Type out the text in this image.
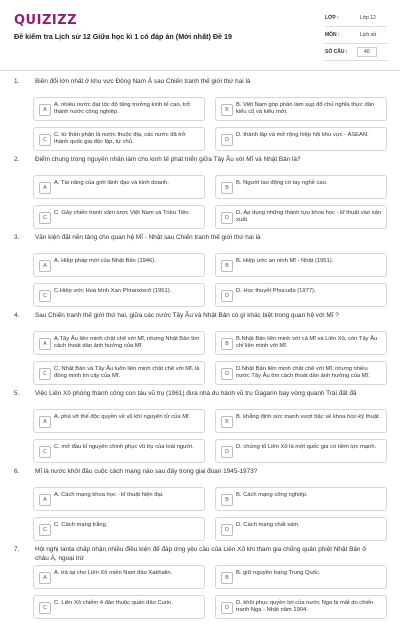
QUIZIZZ
Đề kiểm tra Lịch sử 12 Giữa học kì 1 có đáp án (Mới nhất) Đề 19
LỚP :	Lớp 12
MÔN :	Lịch sử
SỐ CÂU :	40
1. Biến đổi lớn nhất ở khu vực Đông Nam Á sau Chiến tranh thế giới thứ hai là
A
A. nhiều nước đạt tốc độ tăng trưởng kinh tế cao, trở thành nước công nghiệp.	B
B. Việt Nam góp phần làm sụp đổ chủ nghĩa thực dân kiểu cũ và kiểu mới.
C
C. từ thân phận là nước thuộc địa, các nước đã trở thành quốc gia độc lập, tự chủ.	D
D. thành lập và mở rộng hiệp hội khu vực - ASEAN.
2. Điểm chung trong nguyên nhân làm cho kinh tế phát triển giữa Tây Âu với Mĩ và Nhật Bản là?
A
A. Tài năng của giới lãnh đạo và kinh doanh.
B
B. Người lao động có tay nghề cao.
C
C. Gây chiến tranh xâm lược Việt Nam và Triều Tiên.
D
D. Áp dụng những thành tựu khoa học - kĩ thuật vào sản xuất.
3. Văn kiện đặt nền tảng cho quan hệ Mĩ - Nhật sau Chiến tranh thế giới thứ hai là
A
A. Hiệp pháp mới của Nhật Bản (1946).
B
B. Hiệp ước an ninh Mĩ - Nhật (1951).
C
C.Hiệp ước Hoà bình Xan Phranxixcô (1951).
D
D. Học thuyết Phucuđa (1977).
4. Sau Chiến tranh thế giới thứ hai, giữa các nước Tây Âu và Nhật Bản có gì khác biệt trong quan hệ với Mĩ ?
A
A.Tây Âu liên minh chặt chẽ với Mĩ, nhưng Nhật Bản tìm cách thoát dần ảnh hưởng của Mĩ.	B
B.Nhật Bản liên minh với cả Mĩ và Liên Xô, còn Tây Âu chỉ liên minh với Mĩ.
C
C. Nhật Bản và Tây Âu luôn liên minh chặt chẽ với Mĩ, là đồng minh tin cậy của Mĩ.	D
D.Nhật Bản liên minh chặt chẽ với Mĩ, nhưng nhiều nước Tây Âu tìm cách thoát dần ảnh hưởng của Mĩ.
5. Việc Liên Xô phóng thành công con tàu vũ trụ (1961) đưa nhà du hành vũ trụ Gagarin bay vòng quanh Trái đất đã
A
A. phá vỡ thế độc quyền về vũ khí nguyên tử của Mĩ.
B
B. khẳng định sức mạnh vượt bậc về khoa học-kỹ thuật.
C
C. mở đầu kỉ nguyên chinh phục vũ trụ của loài người.
D
D. chứng tỏ Liên Xô là một quốc gia có tiềm lực mạnh.
6. Mĩ là nước khởi đầu cuộc cách mạng nào sau đây trong giai đoạn 1945-1973?
A
A. Cách mạng khoa học - kĩ thuật hiện đại.
B
B. Cách mạng công nghiệp.
C
C. Cách mạng trắng.
D
D. Cách mạng chất xám.
7. Hội nghị Ianta chấp nhận nhiều điều kiện để đáp ứng yêu cầu của Liên Xô khi tham gia chống quân phiệt Nhật Bản ở châu Á, ngoại trừ
A
A. trả lại cho Liên Xô miền Nam đảo Xakhalin.
B
B. giữ nguyên trạng Trung Quốc.
C
C. Liên Xô chiếm 4 đảo thuộc quần đảo Curin.
D
D. khôi phục quyền lợi của nước Nga bị mất do chiến tranh Nga - Nhật năm 1904.
